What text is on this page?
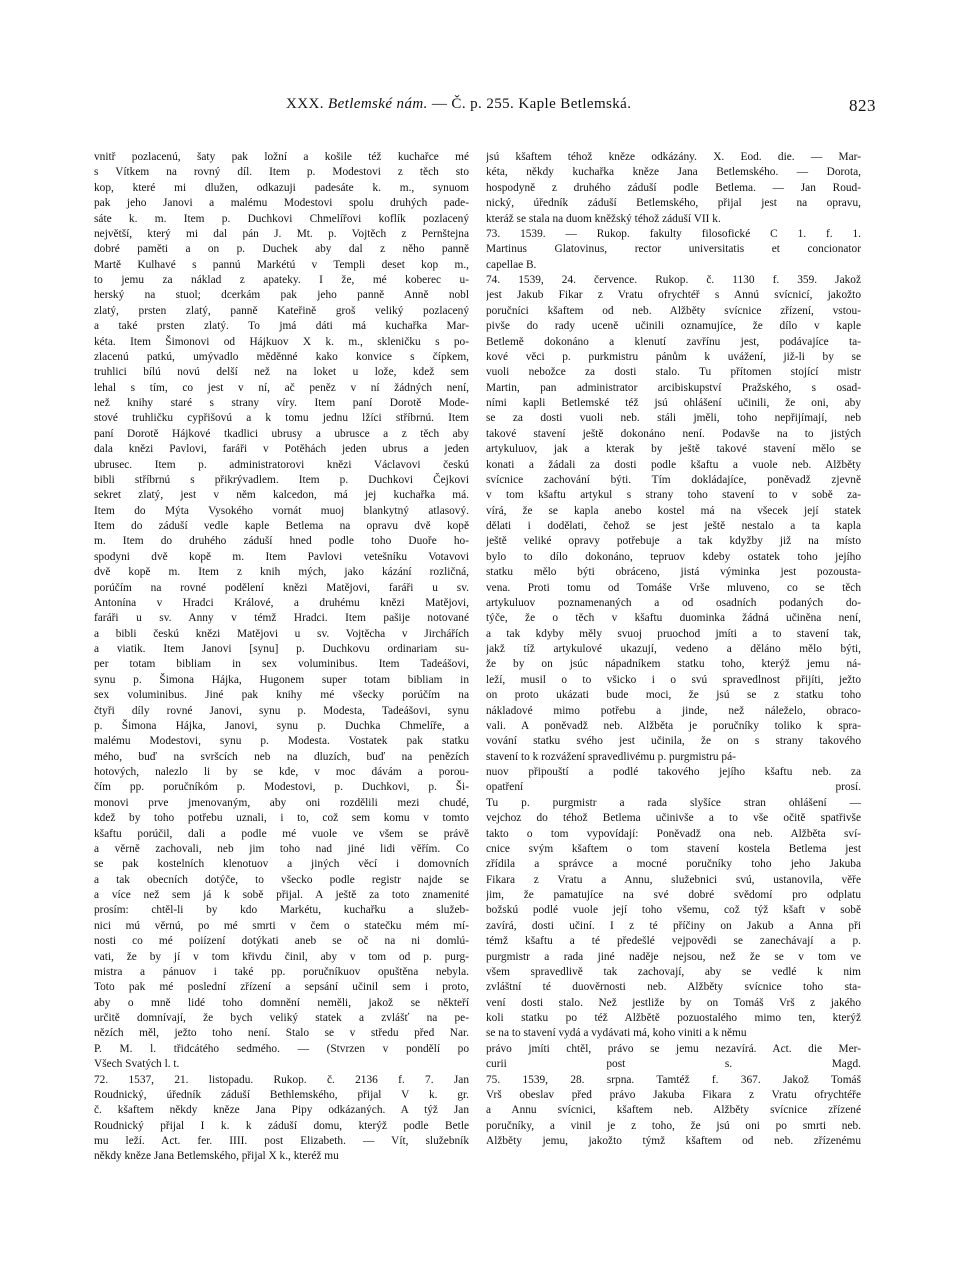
XXX. Betlemské nám. — Č. p. 255. Kaple Betlemská.	823
vnitř pozlacenú, šaty pak ložní a košile též kuchařce mé
s Vítkem na rovný díl. Item p. Modestovi z těch sto
kop, které mi dlužen, odkazuji padesáte k. m., synuom
pak jeho Janovi a malému Modestovi spolu druhých pade-
sáte k. m. Item p. Duchkovi Chmelířovi koflík pozlacený
největší, který mi dal pán J. Mt. p. Vojtěch z Pernštejna
dobré paměti a on p. Duchek aby dal z něho panně
Martě Kulhavé s pannú Markétú v Templi deset kop m.,
to jemu za náklad z apateky. I že, mé koberec u-
herský na stuol; dcerkám pak jeho panně Anně nobl
zlatý, prsten zlatý, panně Kateřině groš veliký pozlacený
a také prsten zlatý. To jmá dáti má kuchařka Mar-
kéta. Item Šimonovi od Hájkuov X k. m., skleničku s po-
zlacenú patkú, umývadlo měděnné kako konvice s čípkem,
truhlici bílú novú delší než na loket u lože, kdež sem
lehal s tím, co jest v ní, ač peněz v ní žádných není,
než knihy staré s strany víry. Item paní Dorotě Mode-
stové truhličku cypřišovú a k tomu jednu lžíci stříbrnú. Item
paní Dorotě Hájkové tkadlici ubrusy a ubrusce a z těch aby
dala knězi Pavlovi, faráři v Potěhách jeden ubrus a jeden
ubrusec. Item p. administratorovi knězi Václavovi českú
bibli stříbrnú s přikrývadlem. Item p. Duchkovi Čejkovi
sekret zlatý, jest v něm kalcedon, má jej kuchařka má.
Item do Mýta Vysokého vornát muoj blankytný atlasový.
Item do záduší vedle kaple Betlema na opravu dvě kopě
m. Item do druhého záduší hned podle toho Duoře ho-
spodyni dvě kopě m. Item Pavlovi vetešníku Votavovi
dvě kopě m. Item z knih mých, jako kázání rozličná,
porúčím na rovné podělení knězi Matějovi, faráři u sv.
Antonína v Hradci Králové, a druhému knězi Matějovi,
faráři u sv. Anny v témž Hradci. Item pašije notované
a bibli českú knězi Matějovi u sv. Vojtěcha v Jirchářích
a viatik. Item Janovi [synu] p. Duchkovu ordinariam su-
per totam bibliam in sex voluminibus. Item Tadeášovi,
synu p. Šimona Hájka, Hugonem super totam bibliam in
sex voluminibus. Jiné pak knihy mé všecky porúčím na
čtyři díly rovné Janovi, synu p. Modesta, Tadeášovi, synu
p. Šimona Hájka, Janovi, synu p. Duchka Chmelíře, a
malému Modestovi, synu p. Modesta. Vostatek pak statku
mého, buď na svršcích neb na dluzích, buď na penězích
hotových, nalezlo li by se kde, v moc dávám a porou-
čím pp. poručníkóm p. Modestovi, p. Duchkovi, p. Ši-
monovi prve jmenovaným, aby oni rozdělili mezi chudé,
kdež by toho potřebu uznali, i to, což sem komu v tomto
kšaftu porúčil, dali a podle mé vuole ve všem se právě
a věrně zachovali, neb jim toho nad jiné lidi věřím. Co
se pak kostelních klenotuov a jiných věcí i domovních
a tak obecních dotýče, to všecko podle registr najde se
a více než sem já k sobě přijal. A ještě za toto znamenité
prosím: chtěl-li by kdo Markétu, kuchařku a služeb-
nici mú věrnú, po mé smrti v čem o statečku mém mí-
nosti co mé poiízení dotýkati aneb se oč na ni domlú-
vati, že by jí v tom křivdu činil, aby v tom od p. purg-
mistra a pánuov i také pp. poručníkuov opuštěna nebyla.
Toto pak mé poslední zřízení a sepsání učinil sem i proto,
aby o mně lidé toho domnění neměli, jakož se někteří
určitě domnívají, že bych veliký statek a zvlášť na pe-
nězích měl, ježto toho není. Stalo se v středu před Nar.
P. M. l. třidcátého sedmého. — (Stvrzen v pondělí po
Všech Svatých l. t.
72. 1537, 21. listopadu. Rukop. č. 2136 f. 7. Jan
Roudnický, úředník záduší Bethlemského, přijal V k. gr.
č. kšaftem někdy kněze Jana Pipy odkázaných. A týž Jan
Roudnický přijal I k. k záduší domu, kterýž podle Betle
mu leží. Act. fer. IIII. post Elizabeth. — Vít, služebník
někdy kněze Jana Betlemského, přijal X k., kteréž mu
jsú kšaftem téhož kněze odkázány. X. Eod. die. — Mar-
kéta, někdy kuchařka kněze Jana Betlemského. — Dorota,
hospodyně z druhého záduší podle Betlema. — Jan Roud-
nický, úředník záduší Betlemského, přijal jest na opravu,
kteráž se stala na duom kněžský téhož záduší VII k.
73. 1539. — Rukop. fakulty filosofické C 1. f. 1.
Martinus Glatovinus, rector universitatis et concionator
capellae B.
74. 1539, 24. července. Rukop. č. 1130 f. 359. Jakož
jest Jakub Fikar z Vratu ofrychtéř s Annú svícnicí, jakožto
poručníci kšaftem od neb. Alžběty svícnice zřízení, vstou-
pivše do rady uceně učinili oznamujíce, že dílo v kaple
Betlemě dokonáno a klenutí zavřínu jest, podávajíce ta-
kové věci p. purkmistru pánům k uvážení, již-li by se
vuoli nebožce za dosti stalo. Tu přítomen stojící mistr
Martin, pan administrator arcibiskupství Pražského, s osad-
ními kapli Betlemské též jsú ohlášení učinili, že oni, aby
se za dosti vuoli neb. stáli jměli, toho nepřijímají, neb
takové stavení ještě dokonáno není. Podavše na to jistých
artykuluov, jak a kterak by ještě takové stavení mělo se
konati a žádali za dosti podle kšaftu a vuole neb. Alžběty
svícnice zachování býti. Tím dokládajíce, poněvadž zjevně
v tom kšaftu artykul s strany toho stavení to v sobě za-
vírá, že se kapla anebo kostel má na všecek její statek
dělati i dodělati, čehož se jest ještě nestalo a ta kapla
ještě veliké opravy potřebuje a tak kdyžby již na místo
bylo to dílo dokonáno, tepruov kdeby ostatek toho jejího
statku mělo býti obráceno, jistá výminka jest pozousta-
vena. Proti tomu od Tomáše Vrše mluveno, co se těch
artykuluov poznamenaných a od osadních podaných do-
týče, že o těch v kšaftu duominka žádná učiněna není,
a tak kdyby měly svuoj pruochod jmíti a to stavení tak,
jakž tíž artykulové ukazují, vedeno a děláno mělo býti,
že by on jsúc nápadníkem statku toho, kterýž jemu ná-
leží, musil o to všicko i o svú spravedlnost přijíti, ježto
on proto ukázati bude moci, že jsú se z statku toho
nákladové mimo potřebu a jinde, než náleželo, obraco-
vali. A poněvadž neb. Alžběta je poručníky toliko k spra-
vování statku svého jest učinila, že on s strany takového
stavení to k rozvážení spravedlivému p. purgmistru pá-
nuov připouští a podlé takového jejího kšaftu neb. za
opatření prosí.
Tu p. purgmistr a rada slyšíce stran ohlášení —
vejchoz do téhož Betlema učinivše a to vše očitě spatřivše
takto o tom vypovídají: Poněvadž ona neb. Alžběta sví-
cnice svým kšaftem o tom stavení kostela Betlema jest
zřídila a správce a mocné poručníky toho jeho Jakuba
Fikara z Vratu a Annu, služebnici svú, ustanovila, věře
jim, že pamatujíce na své dobré svědomí pro odplatu
božskú podlé vuole její toho všemu, což týž kšaft v sobě
zavírá, dosti učiní. I z té příčiny on Jakub a Anna při
témž kšaftu a té předešlé vejpovědi se zanechávají a p.
purgmistr a rada jiné naděje nejsou, než že se v tom ve
všem spravedlivě tak zachovají, aby se vedlé k nim
zvláštní té duověrnosti neb. Alžběty svícnice toho sta-
vení dosti stalo. Než jestliže by on Tomáš Vrš z jakého
koli statku po též Alžbětě pozuostalého mimo ten, kterýž
se na to stavení vydá a vydávati má, koho viniti a k němu
právo jmíti chtěl, právo se jemu nezavírá. Act. die Mer-
curii post s. Magd.
75. 1539, 28. srpna. Tamtéž f. 367. Jakož Tomáš
Vrš obeslav před právo Jakuba Fikara z Vratu ofrychtéře
a Annu svícnici, kšaftem neb. Alžběty svícnice zřízené
poručníky, a vinil je z toho, že jsú oni po smrti neb.
Alžběty jemu, jakožto týmž kšaftem od neb. zřízenému
